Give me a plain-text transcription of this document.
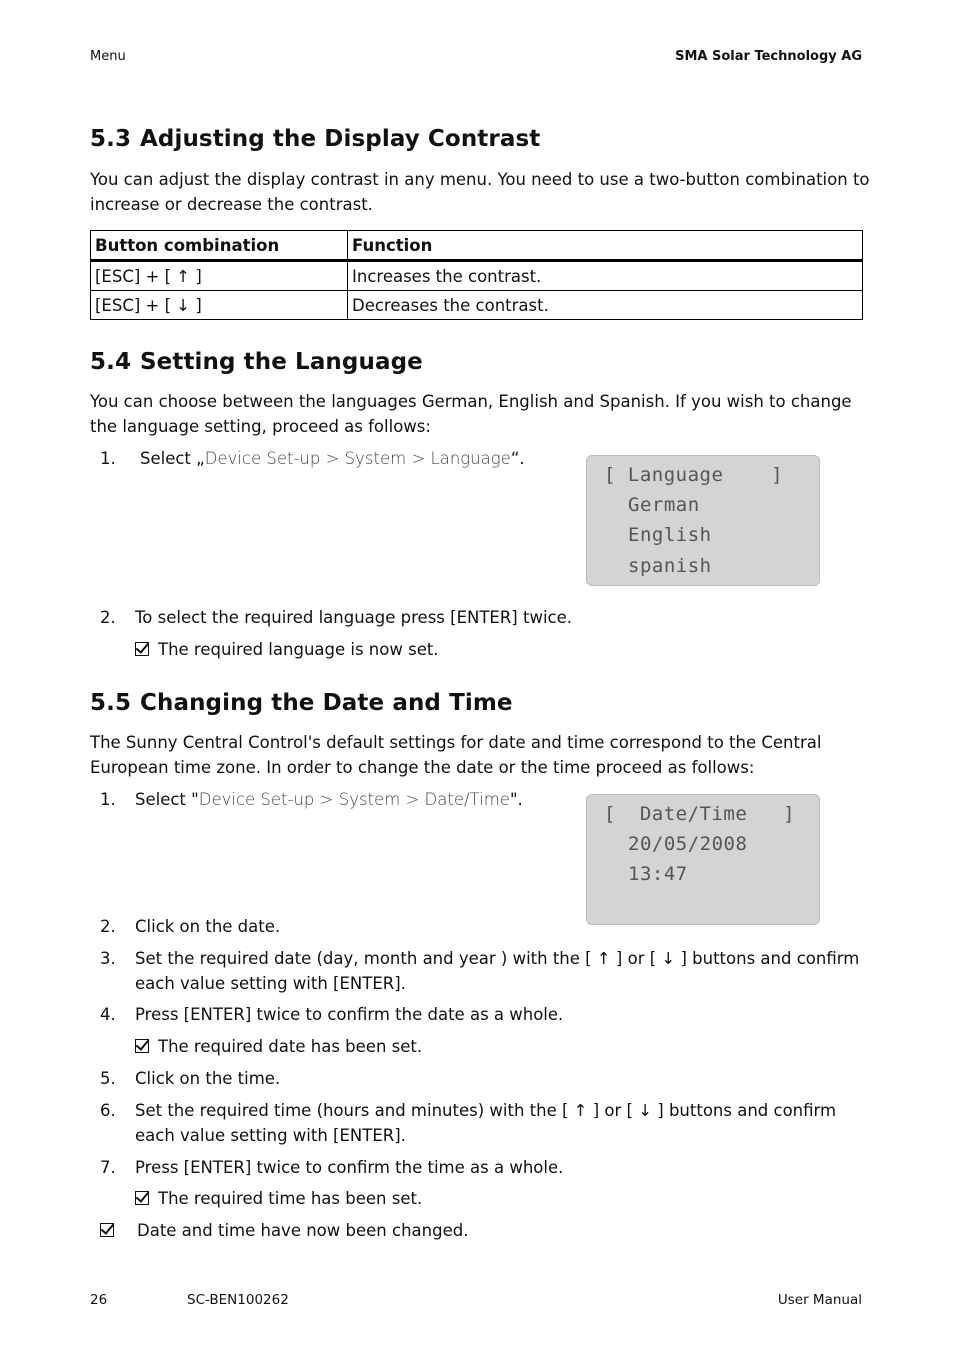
Menu	SMA Solar Technology AG
5.3 Adjusting the Display Contrast
You can adjust the display contrast in any menu. You need to use a two-button combination to increase or decrease the contrast.
Button combination	Function
[ESC] + [ ↑ ]	Increases the contrast.
[ESC] + [ ↓ ]	Decreases the contrast.
5.4 Setting the Language
You can choose between the languages German, English and Spanish. If you wish to change the language setting, proceed as follows:
1. Select „Device Set-up > System > Language“.
[ Language    ]
German
English
spanish
2. To select the required language press [ENTER] twice.
The required language is now set.
5.5 Changing the Date and Time
The Sunny Central Control's default settings for date and time correspond to the Central European time zone. In order to change the date or the time proceed as follows:
1. Select "Device Set-up > System > Date/Time".
[  Date/Time   ]
20/05/2008
13:47
2. Click on the date.
3. Set the required date (day, month and year ) with the [ ↑ ] or [ ↓ ] buttons and confirm each value setting with [ENTER].
4. Press [ENTER] twice to confirm the date as a whole.
The required date has been set.
5. Click on the time.
6. Set the required time (hours and minutes) with the [ ↑ ] or [ ↓ ] buttons and confirm each value setting with [ENTER].
7. Press [ENTER] twice to confirm the time as a whole.
The required time has been set.
Date and time have now been changed.
26	SC-BEN100262	User Manual
